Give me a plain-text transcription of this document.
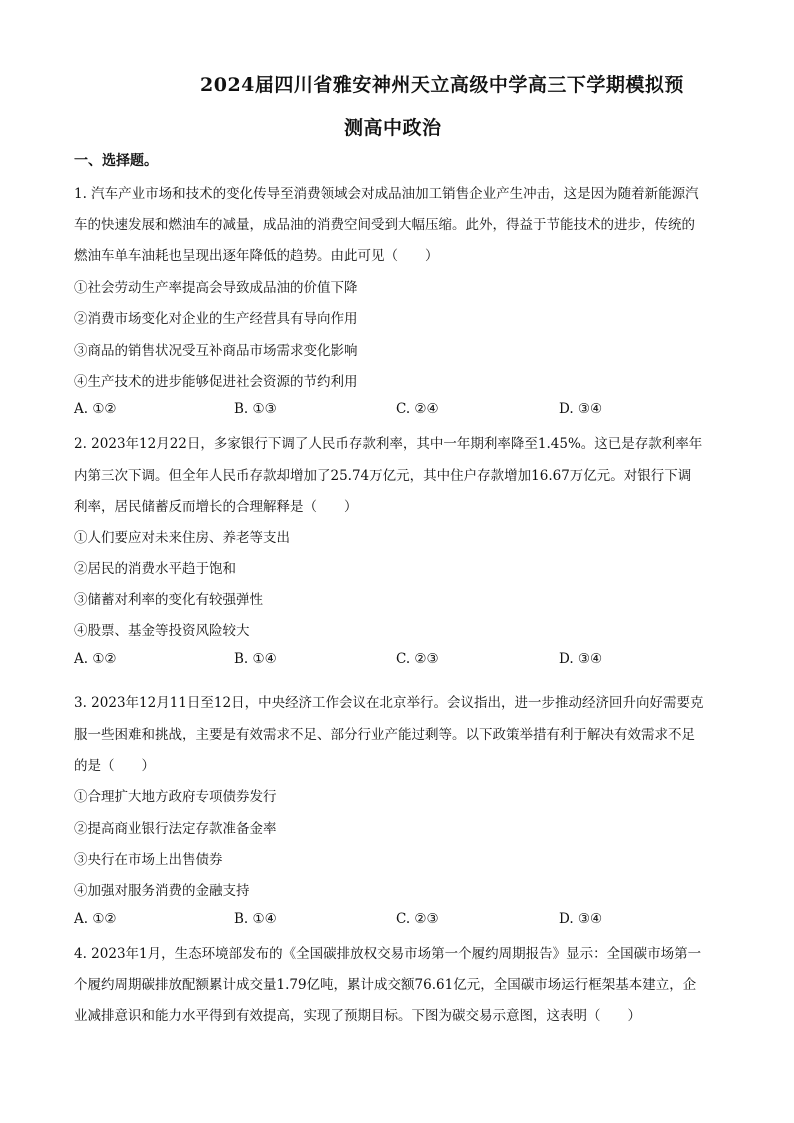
2024届四川省雅安神州天立高级中学高三下学期模拟预
测高中政治
一、选择题。
1. 汽车产业市场和技术的变化传导至消费领域会对成品油加工销售企业产生冲击，这是因为随着新能源汽
车的快速发展和燃油车的减量，成品油的消费空间受到大幅压缩。此外，得益于节能技术的进步，传统的
燃油车单车油耗也呈现出逐年降低的趋势。由此可见（　　）
①社会劳动生产率提高会导致成品油的价值下降
②消费市场变化对企业的生产经营具有导向作用
③商品的销售状况受互补商品市场需求变化影响
④生产技术的进步能够促进社会资源的节约利用
A. ①②	B. ①③	C. ②④	D. ③④
2. 2023年12月22日，多家银行下调了人民币存款利率，其中一年期利率降至1.45%。这已是存款利率年
内第三次下调。但全年人民币存款却增加了25.74万亿元，其中住户存款增加16.67万亿元。对银行下调
利率，居民储蓄反而增长的合理解释是（　　）
①人们要应对未来住房、养老等支出
②居民的消费水平趋于饱和
③储蓄对利率的变化有较强弹性
④股票、基金等投资风险较大
A. ①②	B. ①④	C. ②③	D. ③④
3. 2023年12月11日至12日，中央经济工作会议在北京举行。会议指出，进一步推动经济回升向好需要克
服一些困难和挑战，主要是有效需求不足、部分行业产能过剩等。以下政策举措有利于解决有效需求不足
的是（　　）
①合理扩大地方政府专项债券发行
②提高商业银行法定存款准备金率
③央行在市场上出售债券
④加强对服务消费的金融支持
A. ①②	B. ①④	C. ②③	D. ③④
4. 2023年1月，生态环境部发布的《全国碳排放权交易市场第一个履约周期报告》显示：全国碳市场第一
个履约周期碳排放配额累计成交量1.79亿吨，累计成交额76.61亿元，全国碳市场运行框架基本建立，企
业减排意识和能力水平得到有效提高，实现了预期目标。下图为碳交易示意图，这表明（　　）
